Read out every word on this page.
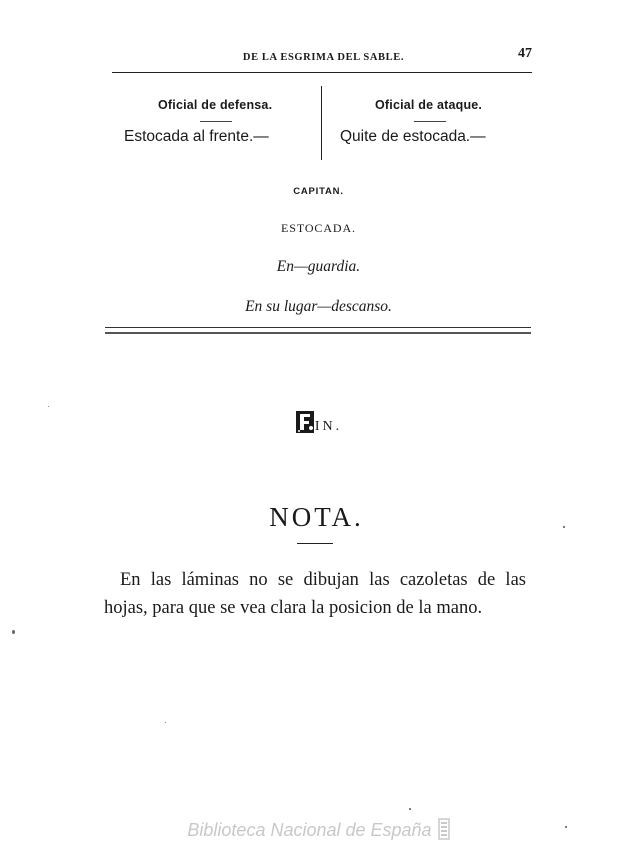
DE LA ESGRIMA DEL SABLE.	47
Oficial de defensa.
Estocada al frente.—
Oficial de ataque.
Quite de estocada.—
CAPITAN.
ESTOCADA.
En—guardia.
En su lugar—descanso.
IN.
NOTA.
En las láminas no se dibujan las cazoletas de las
hojas, para que se vea clara la posicion de la mano.
Biblioteca Nacional de España
